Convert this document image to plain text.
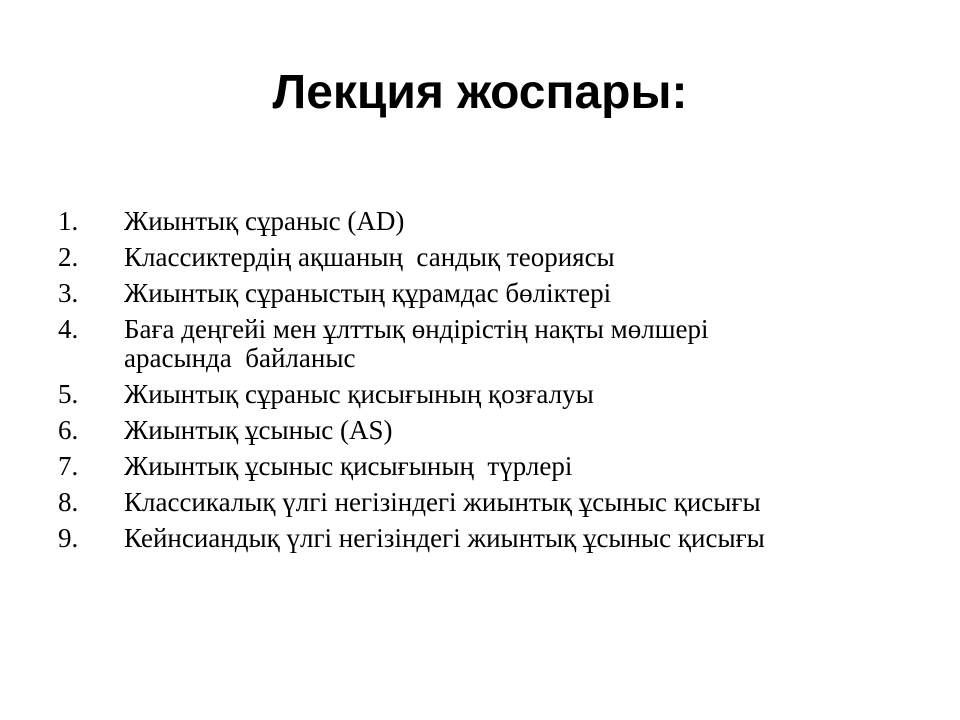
Лекция жоспары:
1.	Жиынтық сұраныс (AD)
2.	Классиктердің ақшаның  сандық теориясы
3.	Жиынтық сұраныстың құрамдас бөліктері
4.	Баға деңгейі мен ұлттық өндірістің нақты мөлшері
арасында  байланыс
5.	Жиынтық сұраныс қисығының қозғалуы
6.	Жиынтық ұсыныс (AS)
7.	Жиынтық ұсыныс қисығының  түрлері
8.	Классикалық үлгі негізіндегі жиынтық ұсыныс қисығы
9.	Кейнсиандық үлгі негізіндегі жиынтық ұсыныс қисығы
